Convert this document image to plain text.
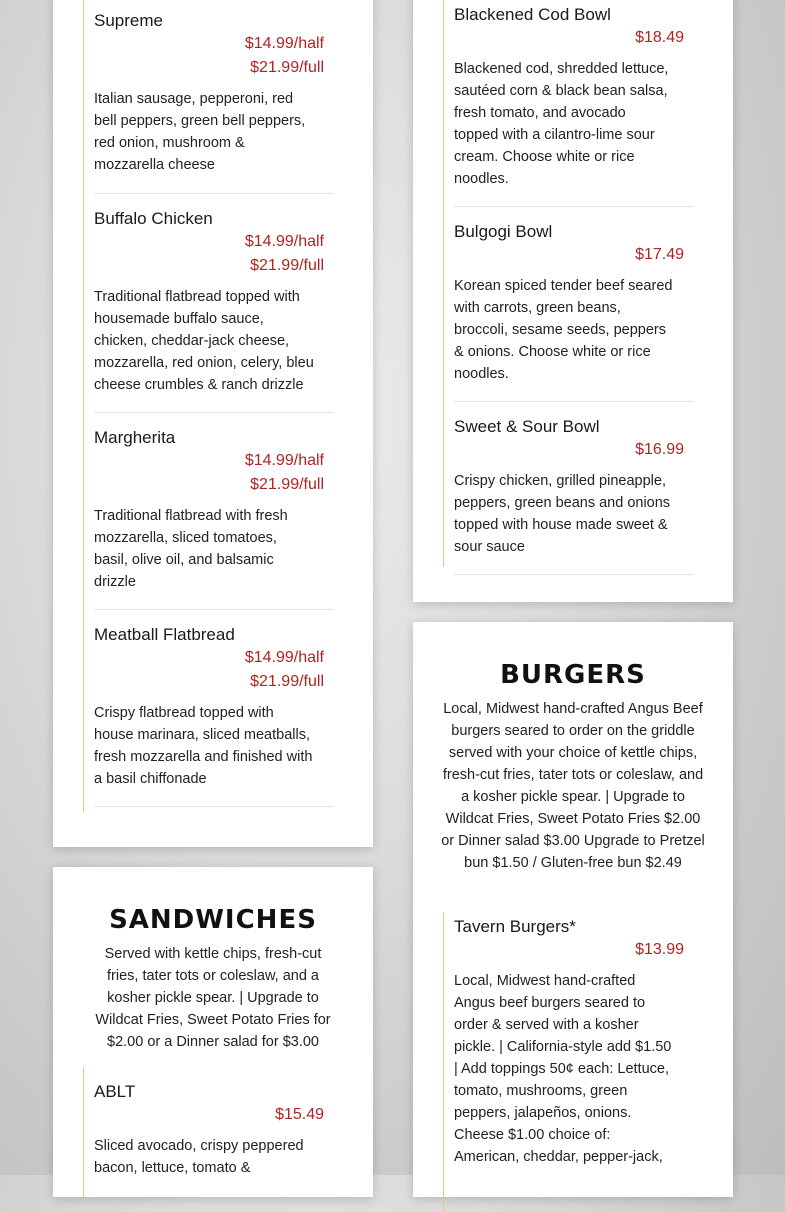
Supreme
$14.99/half
$21.99/full
Italian sausage, pepperoni, red bell peppers, green bell peppers, red onion, mushroom & mozzarella cheese
Buffalo Chicken
$14.99/half
$21.99/full
Traditional flatbread topped with housemade buffalo sauce, chicken, cheddar-jack cheese, mozzarella, red onion, celery, bleu cheese crumbles & ranch drizzle
Margherita
$14.99/half
$21.99/full
Traditional flatbread with fresh mozzarella, sliced tomatoes, basil, olive oil, and balsamic drizzle
Meatball Flatbread
$14.99/half
$21.99/full
Crispy flatbread topped with house marinara, sliced meatballs, fresh mozzarella and finished with a basil chiffonade
Blackened Cod Bowl
$18.49
Blackened cod, shredded lettuce, sautéed corn & black bean salsa, fresh tomato, and avocado topped with a cilantro-lime sour cream. Choose white or rice noodles.
Bulgogi Bowl
$17.49
Korean spiced tender beef seared with carrots, green beans, broccoli, sesame seeds, peppers & onions. Choose white or rice noodles.
Sweet & Sour Bowl
$16.99
Crispy chicken, grilled pineapple, peppers, green beans and onions topped with house made sweet & sour sauce
SANDWICHES
Served with kettle chips, fresh-cut fries, tater tots or coleslaw, and a kosher pickle spear. | Upgrade to Wildcat Fries, Sweet Potato Fries for $2.00 or a Dinner salad for $3.00
ABLT
$15.49
Sliced avocado, crispy peppered bacon, lettuce, tomato &
BURGERS
Local, Midwest hand-crafted Angus Beef burgers seared to order on the griddle served with your choice of kettle chips, fresh-cut fries, tater tots or coleslaw, and a kosher pickle spear. | Upgrade to Wildcat Fries, Sweet Potato Fries $2.00 or Dinner salad $3.00 Upgrade to Pretzel bun $1.50 / Gluten-free bun $2.49
Tavern Burgers*
$13.99
Local, Midwest hand-crafted Angus beef burgers seared to order & served with a kosher pickle. | California-style add $1.50 | Add toppings 50¢ each: Lettuce, tomato, mushrooms, green peppers, jalapeños, onions. Cheese $1.00 choice of: American, cheddar, pepper-jack,
